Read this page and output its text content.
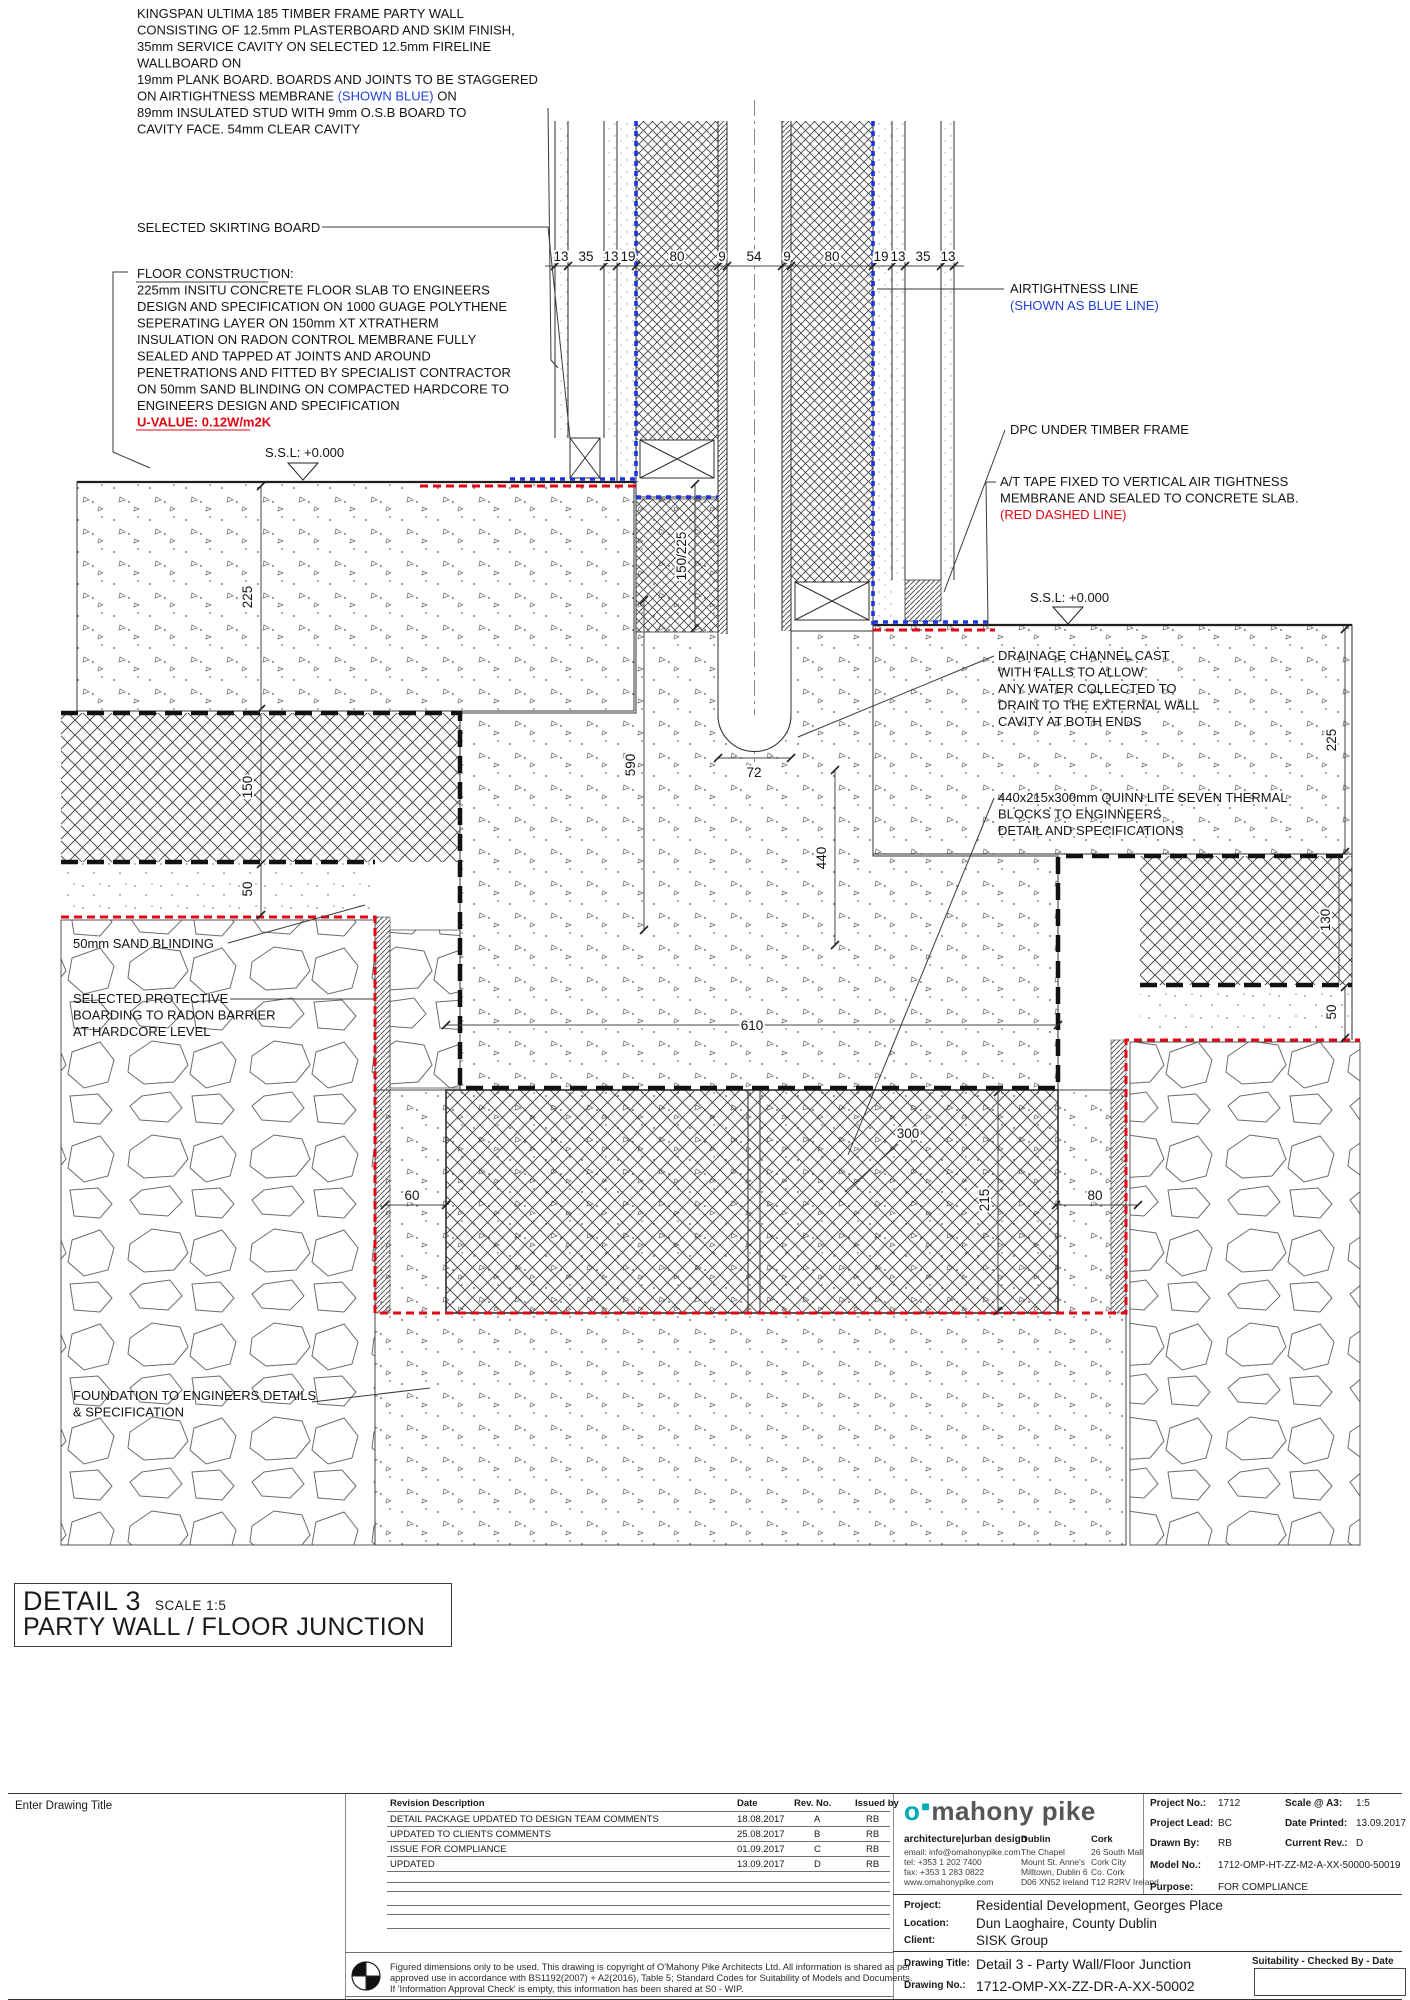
S.S.L: +0.000
S.S.L: +0.000
13 35 13 19	80 9 54 9 80	19 13 35 13
225
150
50
590
150/225
72
440
610
300
215
60	80
225
130
50
KINGSPAN ULTIMA 185 TIMBER FRAME PARTY WALL
CONSISTING OF 12.5mm PLASTERBOARD AND SKIM FINISH,
35mm SERVICE CAVITY ON SELECTED 12.5mm FIRELINE
WALLBOARD ON
19mm PLANK BOARD. BOARDS AND JOINTS TO BE STAGGERED
ON AIRTIGHTNESS MEMBRANE (SHOWN BLUE) ON
89mm INSULATED STUD WITH 9mm O.S.B BOARD TO
CAVITY FACE. 54mm CLEAR CAVITY
SELECTED SKIRTING BOARD
FLOOR CONSTRUCTION:
225mm INSITU CONCRETE FLOOR SLAB TO ENGINEERS
DESIGN AND SPECIFICATION ON 1000 GUAGE POLYTHENE
SEPERATING LAYER ON 150mm XT XTRATHERM
INSULATION ON RADON CONTROL MEMBRANE FULLY
SEALED AND TAPPED AT JOINTS AND AROUND
PENETRATIONS AND FITTED BY SPECIALIST CONTRACTOR
ON 50mm SAND BLINDING ON COMPACTED HARDCORE TO
ENGINEERS DESIGN AND SPECIFICATION
U-VALUE: 0.12W/m2K
AIRTIGHTNESS LINE
(SHOWN AS BLUE LINE)
DPC UNDER TIMBER FRAME
A/T TAPE FIXED TO VERTICAL AIR TIGHTNESS
MEMBRANE AND SEALED TO CONCRETE SLAB.
(RED DASHED LINE)
DRAINAGE CHANNEL CAST
WITH FALLS TO ALLOW
ANY WATER COLLECTED TO
DRAIN TO THE EXTERNAL WALL
CAVITY AT BOTH ENDS
440x215x300mm QUINN LITE SEVEN THERMAL
BLOCKS TO ENGINNEERS
DETAIL AND SPECIFICATIONS
50mm SAND BLINDING
SELECTED PROTECTIVE
BOARDING TO RADON BARRIER
AT HARDCORE LEVEL
FOUNDATION TO ENGINEERS DETAILS
& SPECIFICATION
DETAIL 3 SCALE 1:5
PARTY WALL / FLOOR JUNCTION
Enter Drawing Title	Revision Description	Date	Rev. No. Issued by
DETAIL PACKAGE UPDATED TO DESIGN TEAM COMMENTS	18.08.2017	A	RB
UPDATED TO CLIENTS COMMENTS	25.08.2017	B	RB
ISSUE FOR COMPLIANCE	01.09.2017	C	RB
UPDATED	13.09.2017	D	RB
Figured dimensions only to be used. This drawing is copyright of O'Mahony Pike Architects Ltd. All information is shared as per
approved use in accordance with BS1192(2007) + A2(2016), Table 5; Standard Codes for Suitability of Models and Documents.
If 'Information Approval Check' is empty, this information has been shared at S0 - WIP.
o■mahony pike
architecture|urban design
email: info@omahonypike.com
tel: +353 1 202 7400
fax: +353 1 283 0822
www.omahonypike.com
Dublin
The Chapel
Mount St. Anne's
Milltown, Dublin 6
D06 XN52 Ireland
Cork
26 South Mall
Cork City
Co. Cork
T12 R2RV Ireland
Project No.: 1712	Scale @ A3: 1:5
Project Lead: BC	Date Printed: 13.09.2017
Drawn By: RB	Current Rev.: D
Model No.: 1712-OMP-HT-ZZ-M2-A-XX-50000-50019
Purpose: FOR COMPLIANCE
Project:	Residential Development, Georges Place
Location: Dun Laoghaire, County Dublin
Client:	SISK Group
Drawing Title: Detail 3 - Party Wall/Floor Junction
Drawing No.: 1712-OMP-XX-ZZ-DR-A-XX-50002
Suitability - Checked By - Date
